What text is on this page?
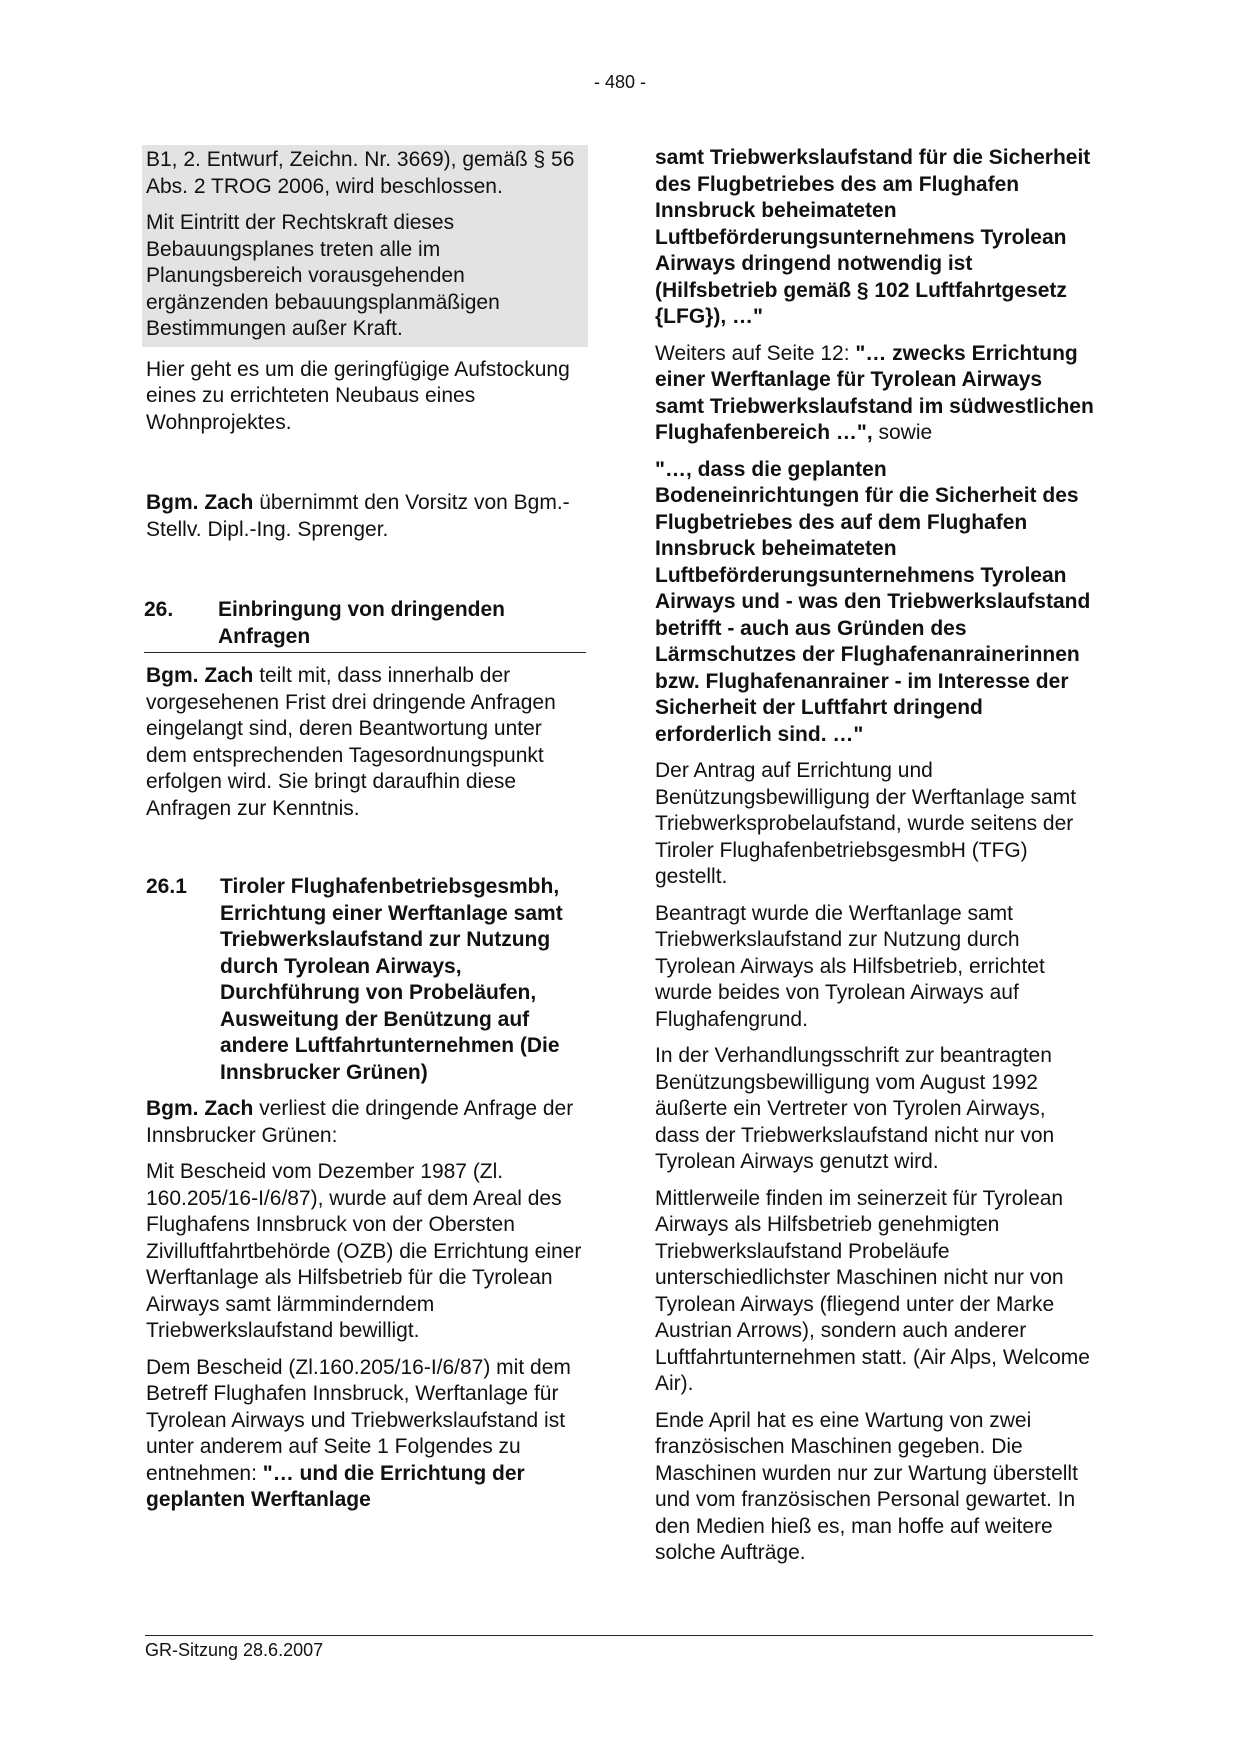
- 480 -

B1, 2. Entwurf, Zeichn. Nr. 3669), gemäß § 56 Abs. 2 TROG 2006, wird beschlossen.

Mit Eintritt der Rechtskraft dieses Bebauungsplanes treten alle im Planungsbereich vorausgehenden ergänzenden bebauungsplanmäßigen Bestimmungen außer Kraft.

Hier geht es um die geringfügige Aufstockung eines zu errichteten Neubaus eines Wohnprojektes.

Bgm. Zach übernimmt den Vorsitz von Bgm.-Stellv. Dipl.-Ing. Sprenger.

26.	Einbringung von dringenden Anfragen

Bgm. Zach teilt mit, dass innerhalb der vorgesehenen Frist drei dringende Anfragen eingelangt sind, deren Beantwortung unter dem entsprechenden Tagesordnungspunkt erfolgen wird. Sie bringt daraufhin diese Anfragen zur Kenntnis.

26.1	Tiroler Flughafenbetriebsgesmbh, Errichtung einer Werftanlage samt Triebwerkslaufstand zur Nutzung durch Tyrolean Airways, Durchführung von Probeläufen, Ausweitung der Benützung auf andere Luftfahrtunternehmen (Die Innsbrucker Grünen)

Bgm. Zach verliest die dringende Anfrage der Innsbrucker Grünen:

Mit Bescheid vom Dezember 1987 (Zl. 160.205/16-I/6/87), wurde auf dem Areal des Flughafens Innsbruck von der Obersten Zivilluftfahrtbehörde (OZB) die Errichtung einer Werftanlage als Hilfsbetrieb für die Tyrolean Airways samt lärmminderndem Triebwerkslaufstand bewilligt.

Dem Bescheid (Zl.160.205/16-I/6/87) mit dem Betreff Flughafen Innsbruck, Werftanlage für Tyrolean Airways und Triebwerkslaufstand ist unter anderem auf Seite 1 Folgendes zu entnehmen: "… und die Errichtung der geplanten Werftanlage

samt Triebwerkslaufstand für die Sicherheit des Flugbetriebes des am Flughafen Innsbruck beheimateten Luftbeförderungsunternehmens Tyrolean Airways dringend notwendig ist (Hilfsbetrieb gemäß § 102 Luftfahrtgesetz {LFG}), …"

Weiters auf Seite 12: "… zwecks Errichtung einer Werftanlage für Tyrolean Airways samt Triebwerkslaufstand im südwestlichen Flughafenbereich …", sowie

"…, dass die geplanten Bodeneinrichtungen für die Sicherheit des Flugbetriebes des auf dem Flughafen Innsbruck beheimateten Luftbeförderungsunternehmens Tyrolean Airways und - was den Triebwerkslaufstand betrifft - auch aus Gründen des Lärmschutzes der Flughafenanrainerinnen bzw. Flughafenanrainer - im Interesse der Sicherheit der Luftfahrt dringend erforderlich sind. …"

Der Antrag auf Errichtung und Benützungsbewilligung der Werftanlage samt Triebwerksprobelaufstand, wurde seitens der Tiroler FlughafenbetriebsgesmbH (TFG) gestellt.

Beantragt wurde die Werftanlage samt Triebwerkslaufstand zur Nutzung durch Tyrolean Airways als Hilfsbetrieb, errichtet wurde beides von Tyrolean Airways auf Flughafengrund.

In der Verhandlungsschrift zur beantragten Benützungsbewilligung vom August 1992 äußerte ein Vertreter von Tyrolen Airways, dass der Triebwerkslaufstand nicht nur von Tyrolean Airways genutzt wird.

Mittlerweile finden im seinerzeit für Tyrolean Airways als Hilfsbetrieb genehmigten Triebwerkslaufstand Probeläufe unterschiedlichster Maschinen nicht nur von Tyrolean Airways (fliegend unter der Marke Austrian Arrows), sondern auch anderer Luftfahrtunternehmen statt. (Air Alps, Welcome Air).

Ende April hat es eine Wartung von zwei französischen Maschinen gegeben. Die Maschinen wurden nur zur Wartung überstellt und vom französischen Personal gewartet. In den Medien hieß es, man hoffe auf weitere solche Aufträge.

GR-Sitzung 28.6.2007
